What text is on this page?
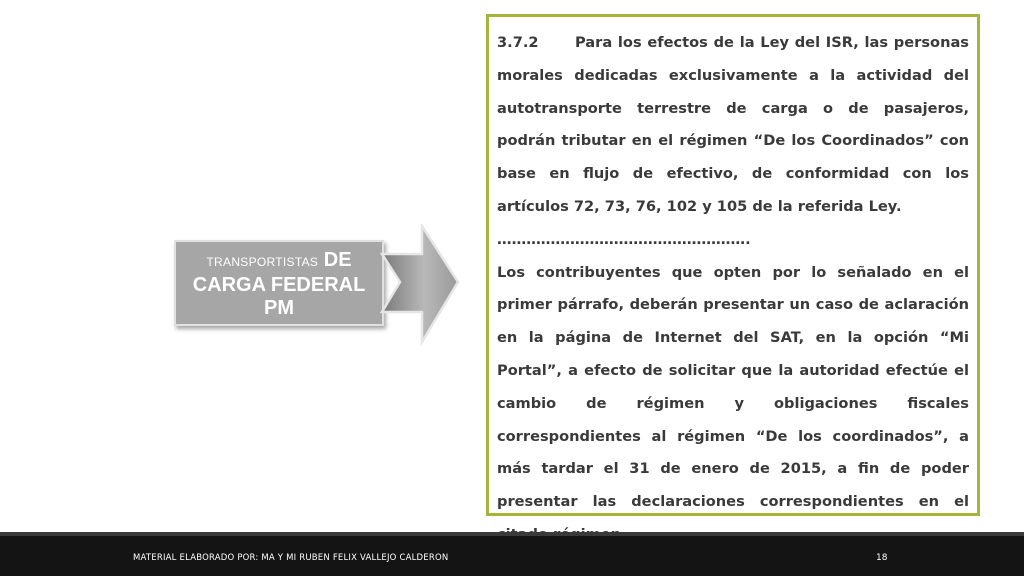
TRANSPORTISTAS DE
CARGA FEDERAL
PM

3.7.2 Para los efectos de la Ley del ISR, las personas morales dedicadas exclusivamente a la actividad del autotransporte terrestre de carga o de pasajeros, podrán tributar en el régimen “De los Coordinados” con base en flujo de efectivo, de conformidad con los artículos 72, 73, 76, 102 y 105 de la referida Ley.

…………………………………………….

Los contribuyentes que opten por lo señalado en el primer párrafo, deberán presentar un caso de aclaración en la página de Internet del SAT, en la opción “Mi Portal”, a efecto de solicitar que la autoridad efectúe el cambio de régimen y obligaciones fiscales correspondientes al régimen “De los coordinados”, a más tardar el 31 de enero de 2015, a fin de poder presentar las declaraciones correspondientes en el

MATERIAL ELABORADO POR: MA Y MI RUBEN FELIX VALLEJO CALDERON	18
